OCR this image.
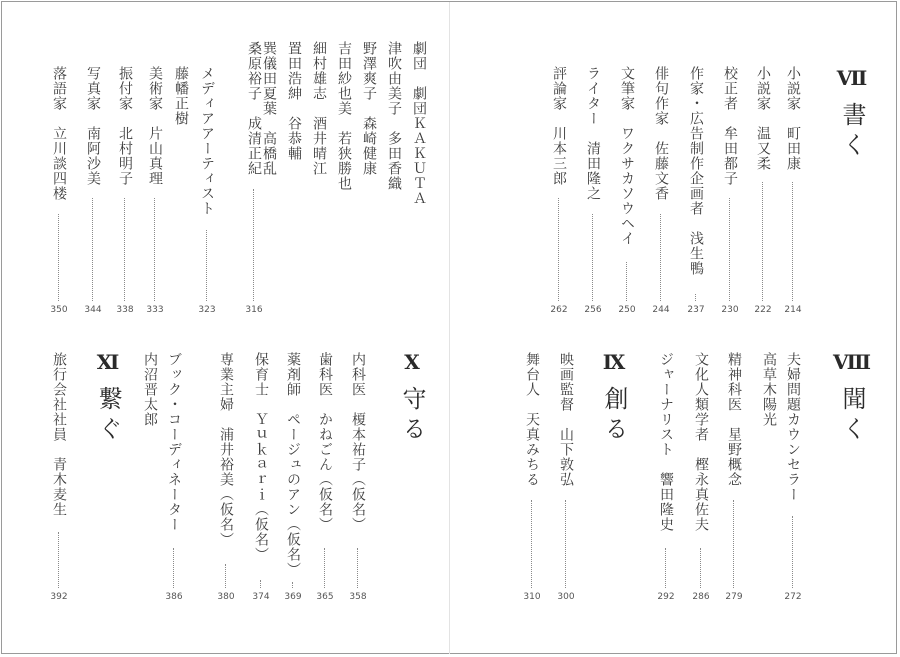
Ⅶ
書く
Ⅷ
聞く
Ⅸ
創る
Ⅹ
守る
Ⅺ
繋ぐ
小説家　町田康
214
小説家　温又柔
222
校正者　牟田都子
230
作家・広告制作企画者　浅生鴨
237
俳句作家　佐藤文香
244
文筆家　ワクサカソウヘイ
250
ライター　清田隆之
256
評論家　川本三郎
262
劇団　劇団ＫＡＫＵＴＡ
津吹由美子　多田香織
野澤爽子　森崎健康
吉田紗也美　若狭勝也
細村雄志　酒井晴江
置田浩紳　谷恭輔
巽儀田夏葉　高橋乱
桑原裕子　成清正紀
316
メディアアーティスト
323
藤幡正樹
美術家　片山真理
333
振付家　北村明子
338
写真家　南阿沙美
344
落語家　立川談四楼
350
夫婦問題カウンセラー
272
高草木陽光
精神科医　星野概念
279
文化人類学者　樫永真佐夫
286
ジャーナリスト　響田隆史
292
映画監督　山下敦弘
300
舞台人　天真みちる
310
内科医　榎本祐子（仮名）
358
歯科医　かねごん（仮名）
365
薬剤師　ページュのアン（仮名）
369
保育士　Ｙｕｋａｒｉ（仮名）
374
専業主婦　浦井裕美（仮名）
380
ブック・コーディネーター
386
内沼晋太郎
旅行会社社員　青木麦生
392
